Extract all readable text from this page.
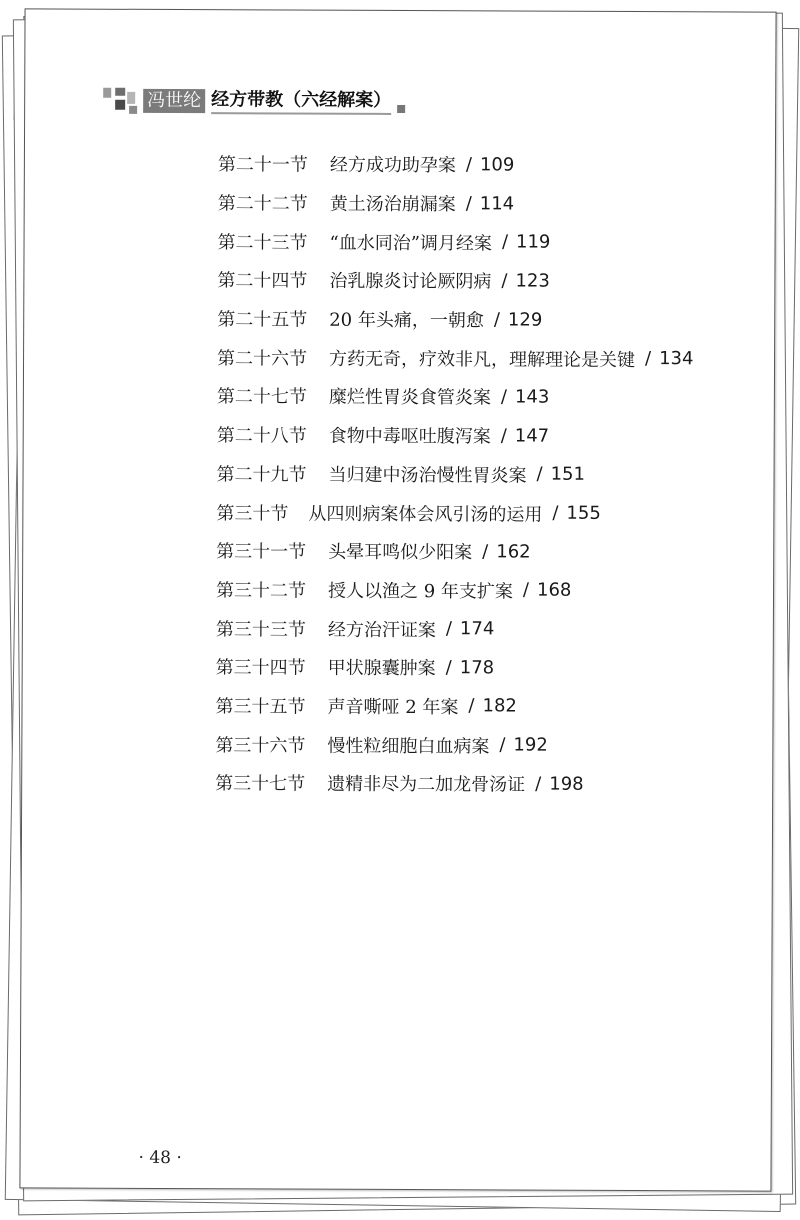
冯世纶 经方带教（六经解案）
第二十一节	经方成功助孕案 / 109
第二十二节	黄土汤治崩漏案 / 114
第二十三节	“血水同治”调月经案 / 119
第二十四节	治乳腺炎讨论厥阴病 / 123
第二十五节	20 年头痛，一朝愈 / 129
第二十六节	方药无奇，疗效非凡，理解理论是关键 / 134
第二十七节	糜烂性胃炎食管炎案 / 143
第二十八节	食物中毒呕吐腹泻案 / 147
第二十九节	当归建中汤治慢性胃炎案 / 151
第三十节	从四则病案体会风引汤的运用 / 155
第三十一节	头晕耳鸣似少阳案 / 162
第三十二节	授人以渔之 9 年支扩案 / 168
第三十三节	经方治汗证案 / 174
第三十四节	甲状腺囊肿案 / 178
第三十五节	声音嘶哑 2 年案 / 182
第三十六节	慢性粒细胞白血病案 / 192
第三十七节	遗精非尽为二加龙骨汤证 / 198
· 48 ·
